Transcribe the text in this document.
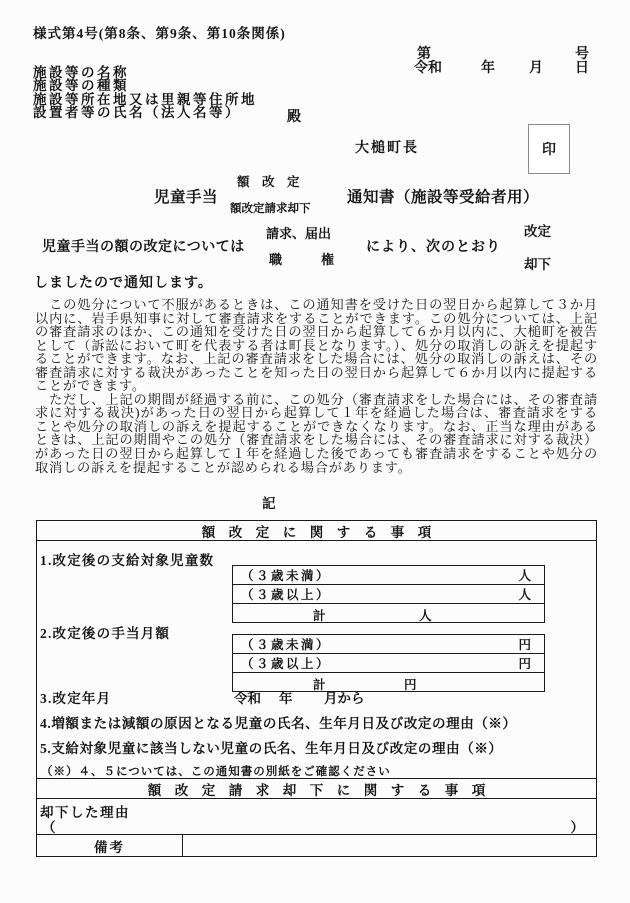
様式第4号(第8条、第9条、第10条関係)
第	号
令和	年 月 日
施設等の名称
施設等の種類
施設等所在地又は里親等住所地
設置者等の氏名（法人名等）	殿
大槌町長	印
額　改　定
児童手当	通知書（施設等受給者用）
額改定請求却下
請求、届出	改定
児童手当の額の改定については	により、次のとおり
職　　　権	却下
しましたので通知します。

　この処分について不服があるときは、この通知書を受けた日の翌日から起算して３か月以内に、岩手県知事に対して審査請求をすることができます。この処分については、上記の審査請求のほか、この通知を受けた日の翌日から起算して６か月以内に、大槌町を被告として（訴訟において町を代表する者は町長となります。）、処分の取消しの訴えを提起することができます。なお、上記の審査請求をした場合には、処分の取消しの訴えは、その審査請求に対する裁決があったことを知った日の翌日から起算して６か月以内に提起することができます。

　ただし、上記の期間が経過する前に、この処分（審査請求をした場合には、その審査請求に対する裁決)があった日の翌日から起算して１年を経過した場合は、審査請求をすることや処分の取消しの訴えを提起することができなくなります。なお、正当な理由があるときは、上記の期間やこの処分（審査請求をした場合には、その審査請求に対する裁決）があった日の翌日から起算して１年を経過した後であっても審査請求をすることや処分の取消しの訴えを提起することが認められる場合があります。

記
額　改　定　に　関　す　る　事　項
1.改定後の支給対象児童数
（３歳未満）	人
（３歳以上）	人
計	人
2.改定後の手当月額
（３歳未満）	円
（３歳以上）	円
計	円
3.改定年月	令和 年 月から
4.増額または減額の原因となる児童の氏名、生年月日及び改定の理由（※）
5.支給対象児童に該当しない児童の氏名、生年月日及び改定の理由（※）
（※）４、５については、この通知書の別紙をご確認ください
額　改　定　請　求　却　下　に　関　す　る　事　項
却下した理由
（	）
備考
